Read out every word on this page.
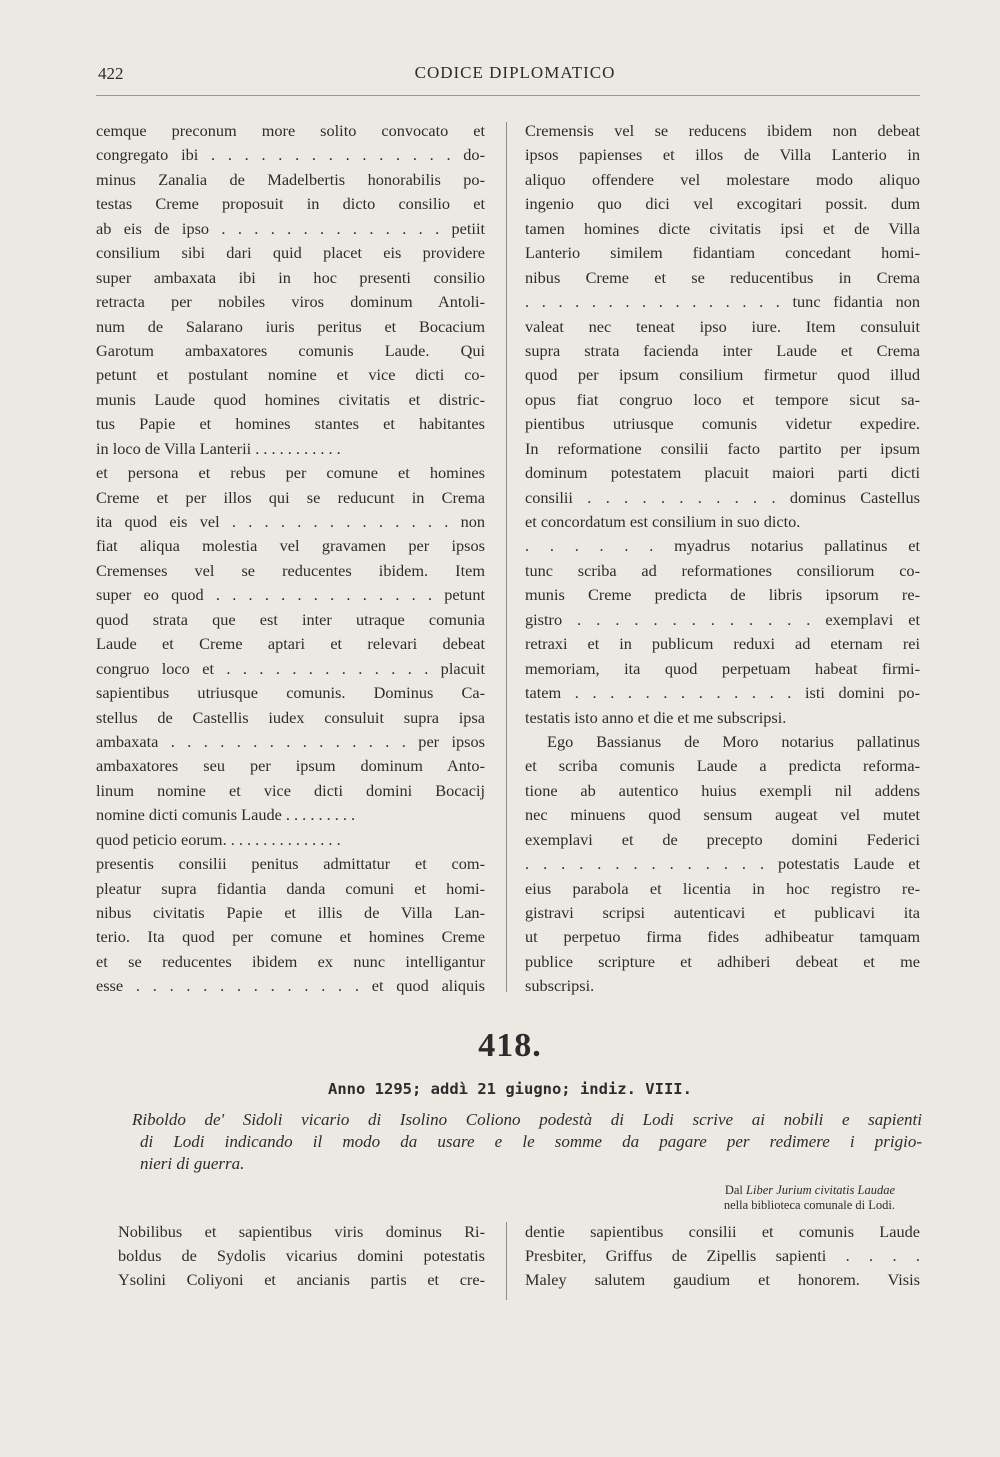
422	CODICE DIPLOMATICO
cemque preconum more solito convocato et
congregato ibi . . . . . . . . . . . . . . . do-
minus Zanalia de Madelbertis honorabilis po-
testas Creme proposuit in dicto consilio et
ab eis de ipso . . . . . . . . . . . . . . petiit
consilium sibi dari quid placet eis providere
super ambaxata ibi in hoc presenti consilio
retracta per nobiles viros dominum Antoli-
num de Salarano iuris peritus et Bocacium
Garotum ambaxatores comunis Laude. Qui
petunt et postulant nomine et vice dicti co-
munis Laude quod homines civitatis et distric-
tus Papie et homines stantes et habitantes
in loco de Villa Lanterii . . . . . . . . . . .
et persona et rebus per comune et homines
Creme et per illos qui se reducunt in Crema
ita quod eis vel . . . . . . . . . . . . . . non
fiat aliqua molestia vel gravamen per ipsos
Cremenses vel se reducentes ibidem. Item
super eo quod . . . . . . . . . . . . . . petunt
quod strata que est inter utraque comunia
Laude et Creme aptari et relevari debeat
congruo loco et . . . . . . . . . . . . . placuit
sapientibus utriusque comunis. Dominus Ca-
stellus de Castellis iudex consuluit supra ipsa
ambaxata . . . . . . . . . . . . . . . per ipsos
ambaxatores seu per ipsum dominum Anto-
linum nomine et vice dicti domini Bocacij
nomine dicti comunis Laude . . . . . . . . .
quod peticio eorum. . . . . . . . . . . . . . .
presentis consilii penitus admittatur et com-
pleatur supra fidantia danda comuni et homi-
nibus civitatis Papie et illis de Villa Lan-
terio. Ita quod per comune et homines Creme
et se reducentes ibidem ex nunc intelligantur
esse . . . . . . . . . . . . . . et quod aliquis
Cremensis vel se reducens ibidem non debeat
ipsos papienses et illos de Villa Lanterio in
aliquo offendere vel molestare modo aliquo
ingenio quo dici vel excogitari possit. dum
tamen homines dicte civitatis ipsi et de Villa
Lanterio similem fidantiam concedant homi-
nibus Creme et se reducentibus in Crema
. . . . . . . . . . . . . . . . tunc fidantia non
valeat nec teneat ipso iure. Item consuluit
supra strata facienda inter Laude et Crema
quod per ipsum consilium firmetur quod illud
opus fiat congruo loco et tempore sicut sa-
pientibus utriusque comunis videtur expedire.
In reformatione consilii facto partito per ipsum
dominum potestatem placuit maiori parti dicti
consilii . . . . . . . . . . . dominus Castellus
et concordatum est consilium in suo dicto.
. . . . . . myadrus notarius pallatinus et
tunc scriba ad reformationes consiliorum co-
munis Creme predicta de libris ipsorum re-
gistro . . . . . . . . . . . . . exemplavi et
retraxi et in publicum reduxi ad eternam rei
memoriam, ita quod perpetuam habeat firmi-
tatem . . . . . . . . . . . . . isti domini po-
testatis isto anno et die et me subscripsi.
Ego Bassianus de Moro notarius pallatinus
et scriba comunis Laude a predicta reforma-
tione ab autentico huius exempli nil addens
nec minuens quod sensum augeat vel mutet
exemplavi et de precepto domini Federici
. . . . . . . . . . . . . . potestatis Laude et
eius parabola et licentia in hoc registro re-
gistravi scripsi autenticavi et publicavi ita
ut perpetuo firma fides adhibeatur tamquam
publice scripture et adhiberi debeat et me
subscripsi.
418.
Anno 1295; addì 21 giugno; indiz. VIII.
Riboldo de' Sidoli vicario di Isolino Coliono podestà di Lodi scrive ai nobili e sapienti
di Lodi indicando il modo da usare e le somme da pagare per redimere i prigio-
nieri di guerra.
Dal Liber Jurium civitatis Laudae
nella biblioteca comunale di Lodi.
Nobilibus et sapientibus viris dominus Ri-
boldus de Sydolis vicarius domini potestatis
Ysolini Coliyoni et ancianis partis et cre-
dentie sapientibus consilii et comunis Laude
Presbiter, Griffus de Zipellis sapienti . . . .
Maley salutem gaudium et honorem. Visis
